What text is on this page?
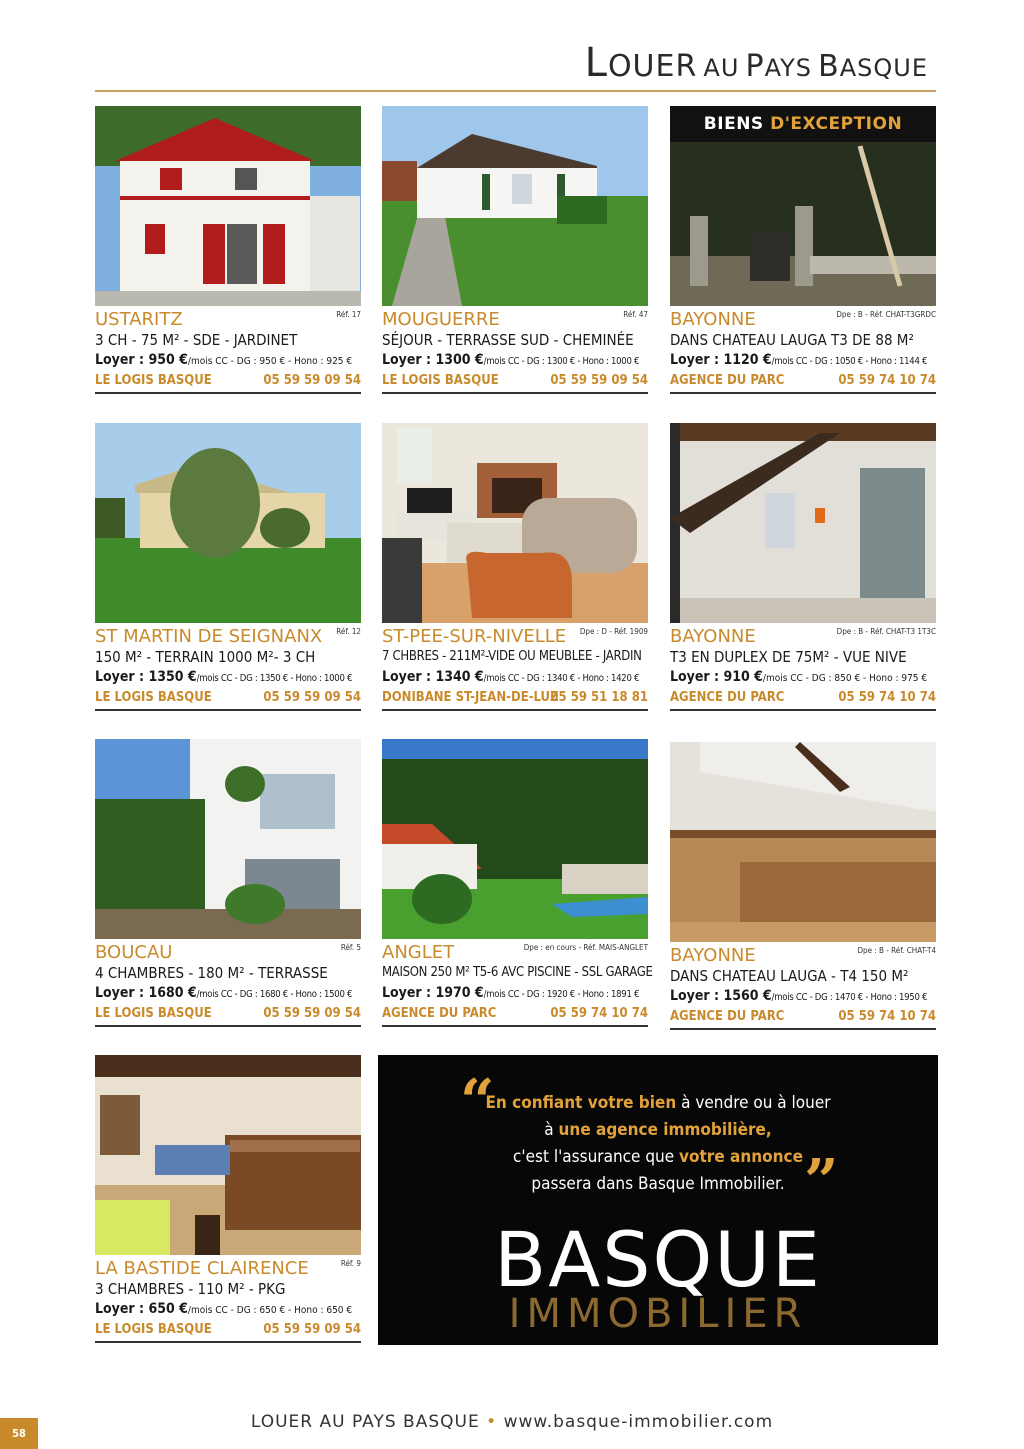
LOUER AU PAYS BASQUE
USTARITZ	Réf. 17
3 CH - 75 M² - SDE - JARDINET
Loyer : 950 €/mois CC - DG : 950 € - Hono : 925 €
LE LOGIS BASQUE	05 59 59 09 54
MOUGUERRE	Réf. 47
SÉJOUR - TERRASSE SUD - CHEMINÉE
Loyer : 1300 €/mois CC - DG : 1300 € - Hono : 1000 €
LE LOGIS BASQUE	05 59 59 09 54
BIENS D'EXCEPTION
BAYONNE	Dpe : B - Réf. CHAT-T3GRDC
DANS CHATEAU LAUGA T3 DE 88 M²
Loyer : 1120 €/mois CC - DG : 1050 € - Hono : 1144 €
AGENCE DU PARC	05 59 74 10 74
ST MARTIN DE SEIGNANX Réf. 12
150 M² - TERRAIN 1000 M²- 3 CH
Loyer : 1350 €/mois CC - DG : 1350 € - Hono : 1000 €
LE LOGIS BASQUE	05 59 59 09 54
ST-PEE-SUR-NIVELLE Dpe : D - Réf. 1909
7 CHBRES - 211M²-VIDE OU MEUBLEE - JARDIN
Loyer : 1340 €/mois CC - DG : 1340 € - Hono : 1420 €
DONIBANE ST-JEAN-DE-LUZ
05 59 51 18 81
BAYONNE	Dpe : B - Réf. CHAT-T3 1T3C
T3 EN DUPLEX DE 75M² - VUE NIVE
Loyer : 910 €/mois CC - DG : 850 € - Hono : 975 €
AGENCE DU PARC	05 59 74 10 74
BOUCAU	Réf. 5
4 CHAMBRES - 180 M² - TERRASSE
Loyer : 1680 €/mois CC - DG : 1680 € - Hono : 1500 €
LE LOGIS BASQUE	05 59 59 09 54
ANGLET	Dpe : en cours - Réf. MAIS-ANGLET
MAISON 250 M² T5-6 AVC PISCINE - SSL GARAGE
Loyer : 1970 €/mois CC - DG : 1920 € - Hono : 1891 €
AGENCE DU PARC	05 59 74 10 74
BAYONNE	Dpe : B - Réf. CHAT-T4
DANS CHATEAU LAUGA - T4 150 M²
Loyer : 1560 €/mois CC - DG : 1470 € - Hono : 1950 €
AGENCE DU PARC	05 59 74 10 74
LA BASTIDE CLAIRENCE	Réf. 9
3 CHAMBRES - 110 M² - PKG
Loyer : 650 €/mois CC - DG : 650 € - Hono : 650 €
LE LOGIS BASQUE	05 59 59 09 54
“
En confiant votre bien à vendre ou à louer
à une agence immobilière,
c'est l'assurance que votre annonce
passera dans Basque Immobilier. ”
BASQUE
IMMOBILIER
58
LOUER AU PAYS BASQUE • www.basque-immobilier.com
